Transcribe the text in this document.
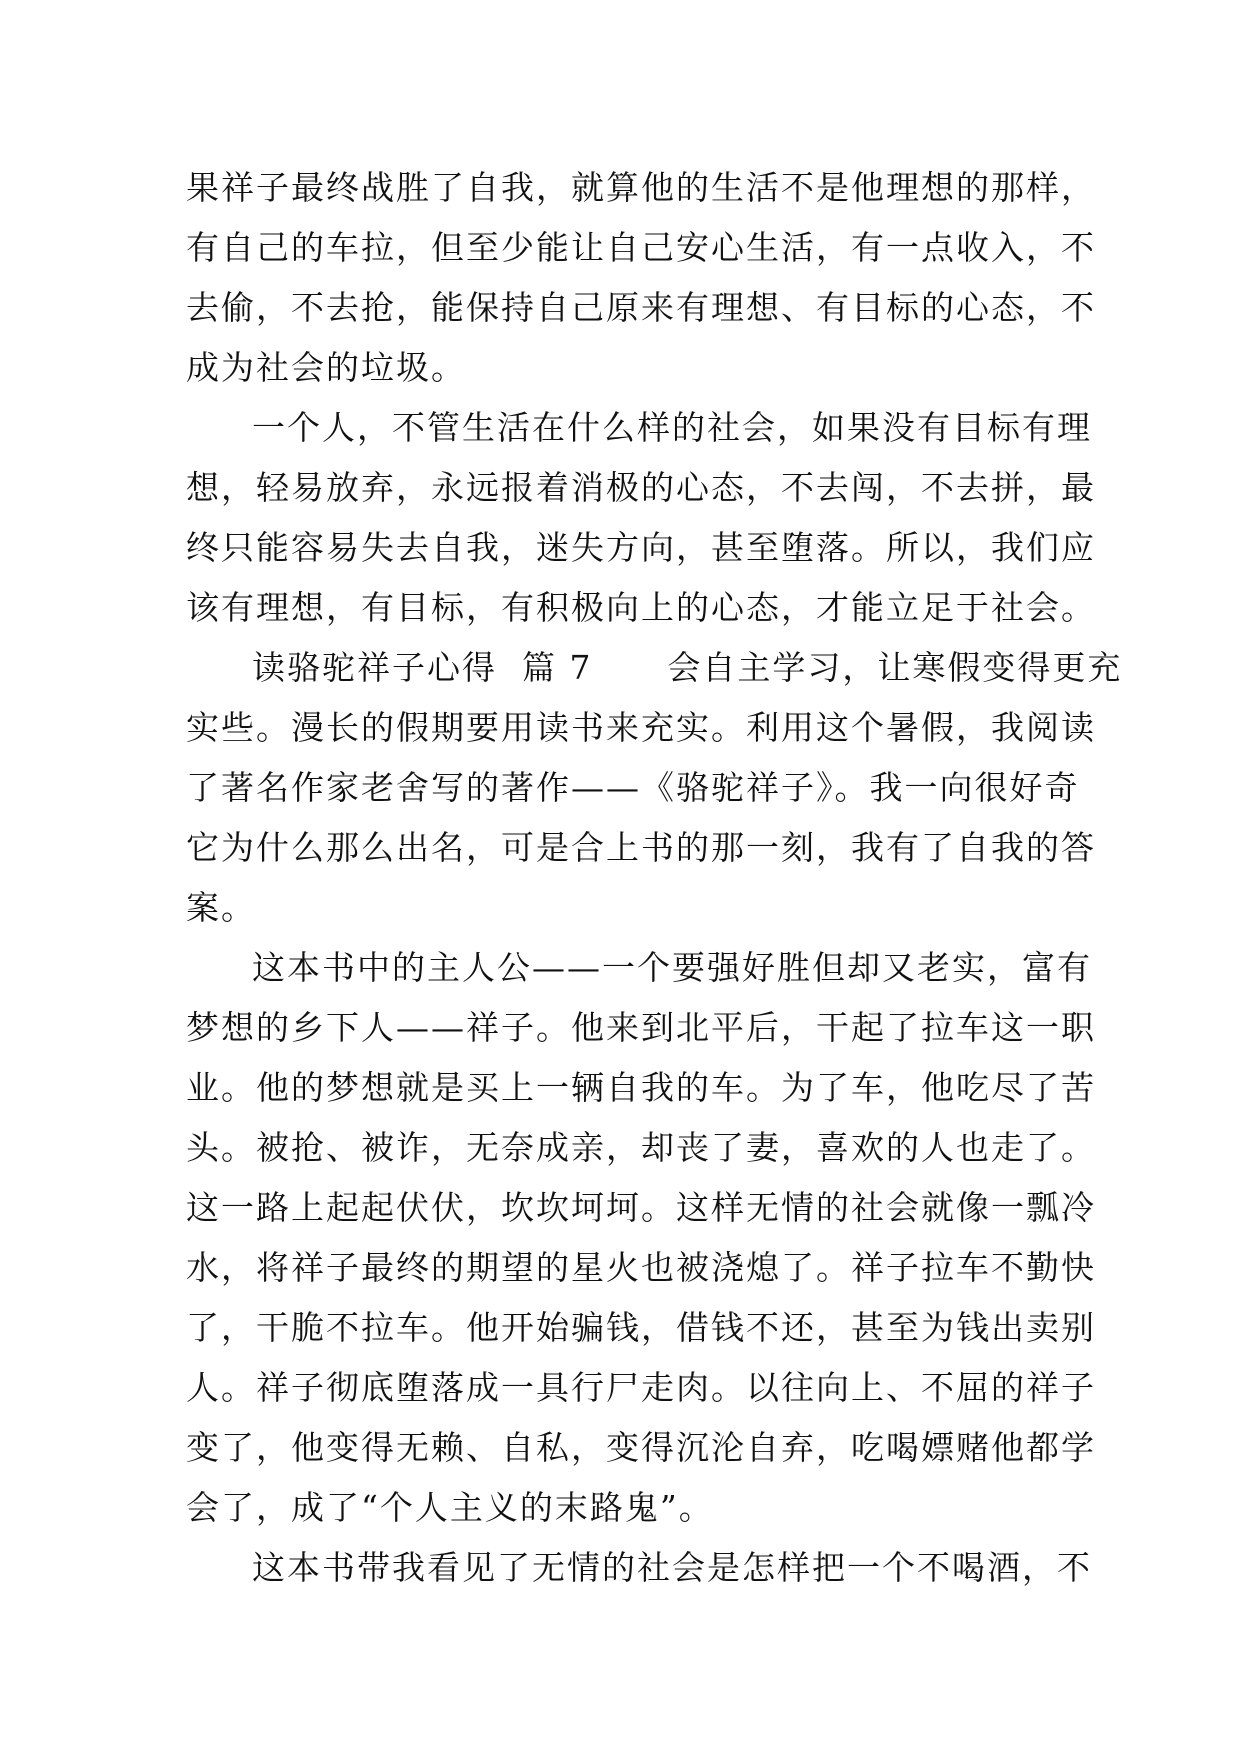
果祥子最终战胜了自我，就算他的生活不是他理想的那样，
有自己的车拉，但至少能让自己安心生活，有一点收入，不
去偷，不去抢，能保持自己原来有理想、有目标的心态，不
成为社会的垃圾。
一个人，不管生活在什么样的社会，如果没有目标有理
想，轻易放弃，永远报着消极的心态，不去闯，不去拼，最
终只能容易失去自我，迷失方向，甚至堕落。所以，我们应
该有理想，有目标，有积极向上的心态，才能立足于社会。
读骆驼祥子心得  篇 7      会自主学习，让寒假变得更充
实些。漫长的假期要用读书来充实。利用这个暑假，我阅读
了著名作家老舍写的著作——《骆驼祥子》。我一向很好奇
它为什么那么出名，可是合上书的那一刻，我有了自我的答
案。
这本书中的主人公——一个要强好胜但却又老实，富有
梦想的乡下人——祥子。他来到北平后，干起了拉车这一职
业。他的梦想就是买上一辆自我的车。为了车，他吃尽了苦
头。被抢、被诈，无奈成亲，却丧了妻，喜欢的人也走了。
这一路上起起伏伏，坎坎坷坷。这样无情的社会就像一瓢冷
水，将祥子最终的期望的星火也被浇熄了。祥子拉车不勤快
了，干脆不拉车。他开始骗钱，借钱不还，甚至为钱出卖别
人。祥子彻底堕落成一具行尸走肉。以往向上、不屈的祥子
变了，他变得无赖、自私，变得沉沦自弃，吃喝嫖赌他都学
会了，成了“个人主义的末路鬼”。
这本书带我看见了无情的社会是怎样把一个不喝酒，不
